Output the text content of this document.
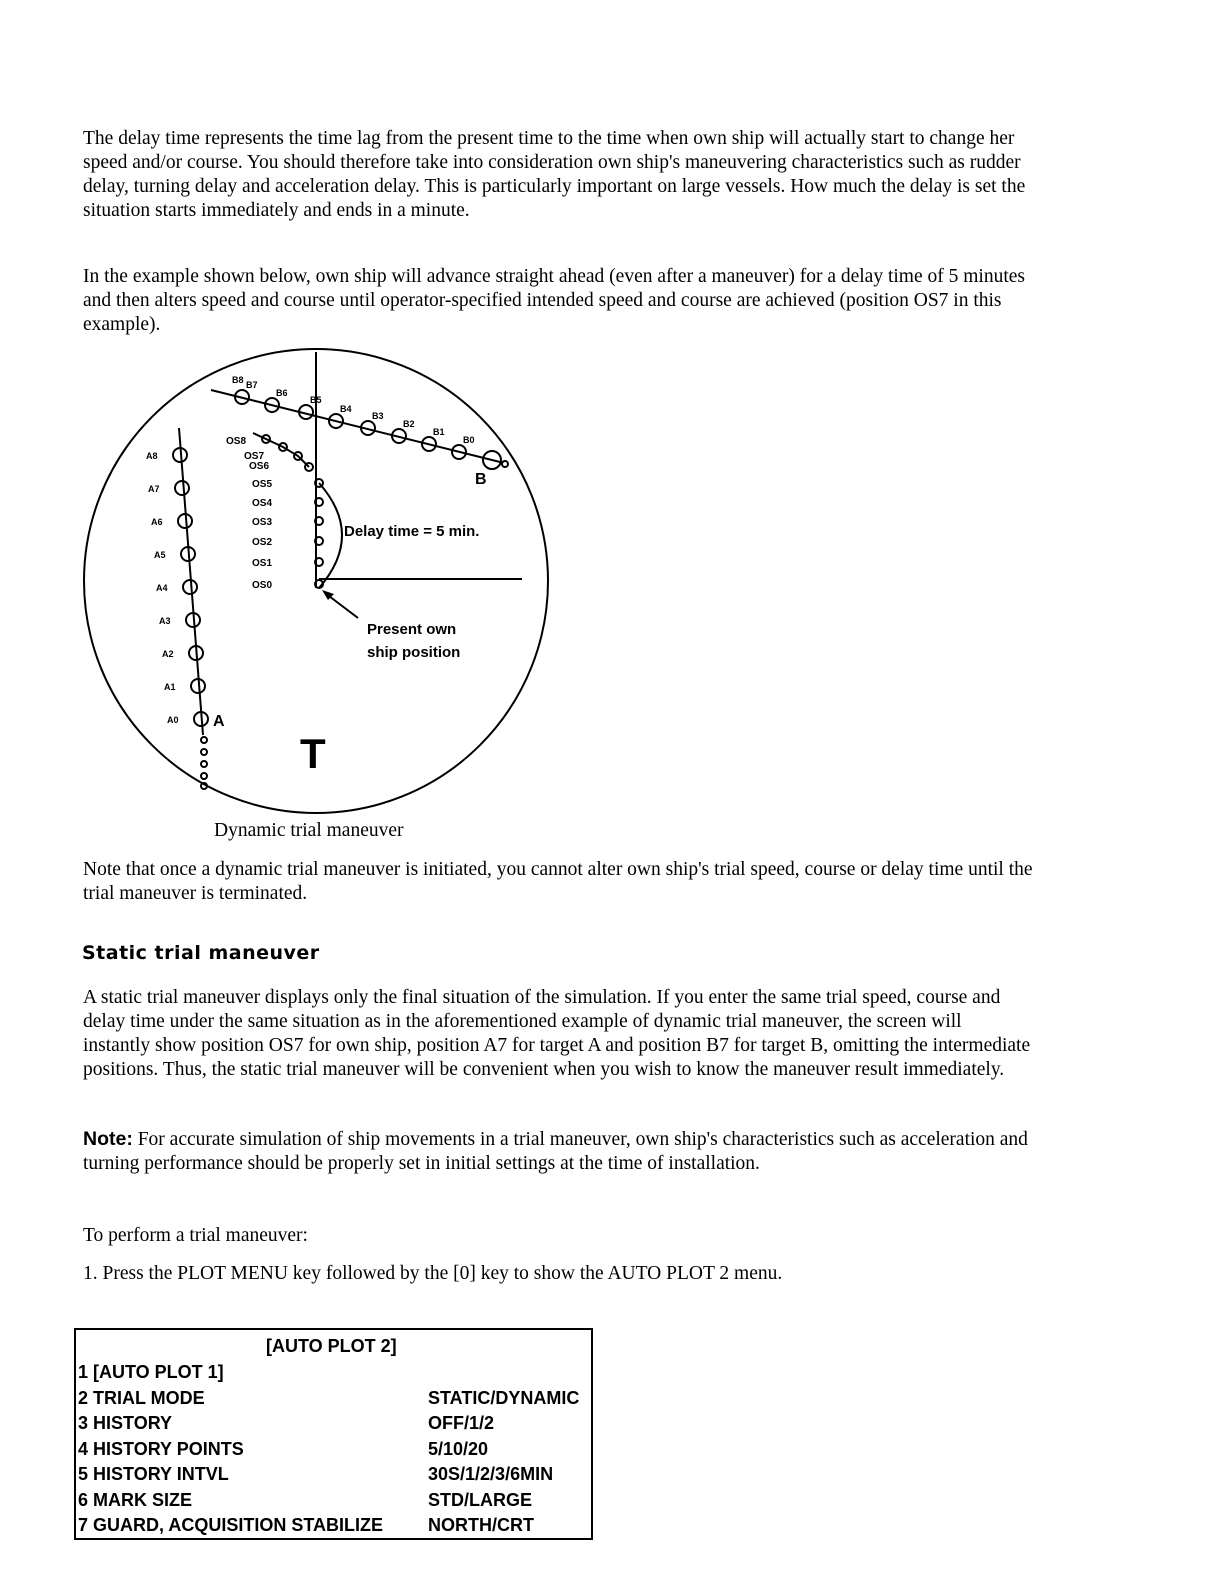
The delay time represents the time lag from the present time to the time when own ship will actually start to change her speed and/or course. You should therefore take into consideration own ship's maneuvering characteristics such as rudder delay, turning delay and acceleration delay. This is particularly important on large vessels. How much the delay is set the situation starts immediately and ends in a minute.

In the example shown below, own ship will advance straight ahead (even after a maneuver) for a delay time of 5 minutes and then alters speed and course until operator-specified intended speed and course are achieved (position OS7 in this example).

A8
A7
A6
A5
A4
A3
A2
A1
A0
B8 B7
B6
B5
B4
B3
B2
B1
B0
OS8
OS7
OS6
OS5
OS4
OS3
OS2
OS1
OS0
Delay time = 5 min.
Present own
ship position
T
A
B
Dynamic trial maneuver

Note that once a dynamic trial maneuver is initiated, you cannot alter own ship's trial speed, course or delay time until the trial maneuver is terminated.

Static trial maneuver

A static trial maneuver displays only the final situation of the simulation. If you enter the same trial speed, course and delay time under the same situation as in the aforementioned example of dynamic trial maneuver, the screen will instantly show position OS7 for own ship, position A7 for target A and position B7 for target B, omitting the intermediate positions. Thus, the static trial maneuver will be convenient when you wish to know the maneuver result immediately.

Note: For accurate simulation of ship movements in a trial maneuver, own ship's characteristics such as acceleration and turning performance should be properly set in initial settings at the time of installation.

To perform a trial maneuver:

1. Press the PLOT MENU key followed by the [0] key to show the AUTO PLOT 2 menu.

[AUTO PLOT 2]
1 [AUTO PLOT 1]
2 TRIAL MODE	STATIC/DYNAMIC
3 HISTORY	OFF/1/2
4 HISTORY POINTS	5/10/20
5 HISTORY INTVL	30S/1/2/3/6MIN
6 MARK SIZE	STD/LARGE
7 GUARD, ACQUISITION STABILIZE NORTH/CRT
